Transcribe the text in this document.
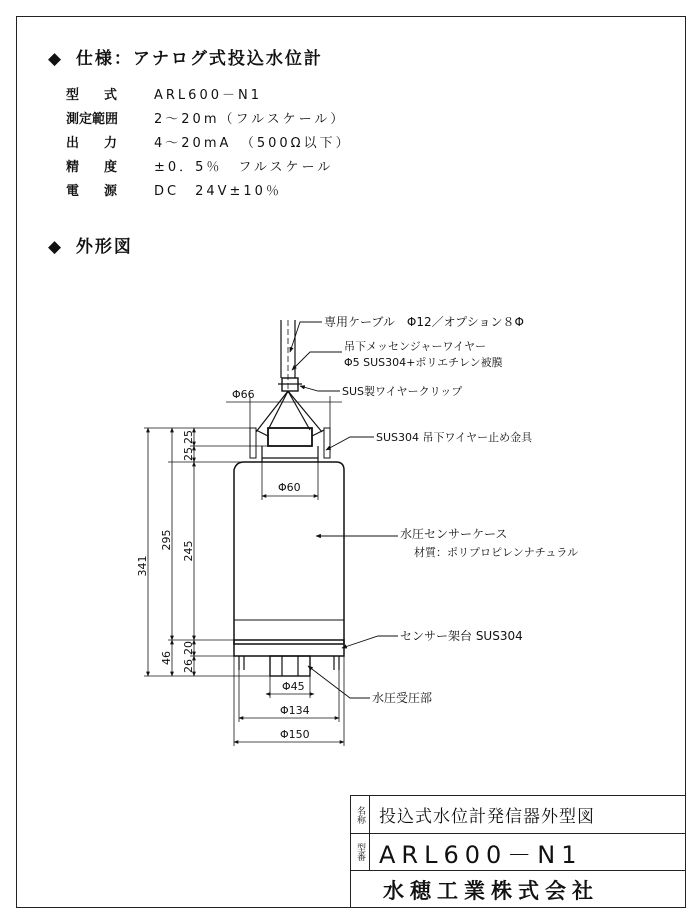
◆ 仕様：アナログ式投込水位計
型　式 ARL600－N1
測定範囲	2～20m（フルスケール）
出　力 4～20mA　（500Ω以下）
精　度 ±0．5％　フルスケール
電　源 DC　24V±10％
◆ 外形図
Φ66
Φ60
Φ45
Φ134
Φ150
341
295
46
25
25
245
26
20
専用ケーブル　Φ12／オプション８Φ
吊下メッセンジャーワイヤー
Φ5 SUS304+ポリエチレン被膜
SUS製ワイヤークリップ
SUS304 吊下ワイヤー止め金具
水圧センサーケース
材質：ポリプロピレンナチュラル
センサー架台 SUS304
水圧受圧部
名称 投込式水位計発信器外型図
型番 ARL600－N1
水穂工業株式会社
